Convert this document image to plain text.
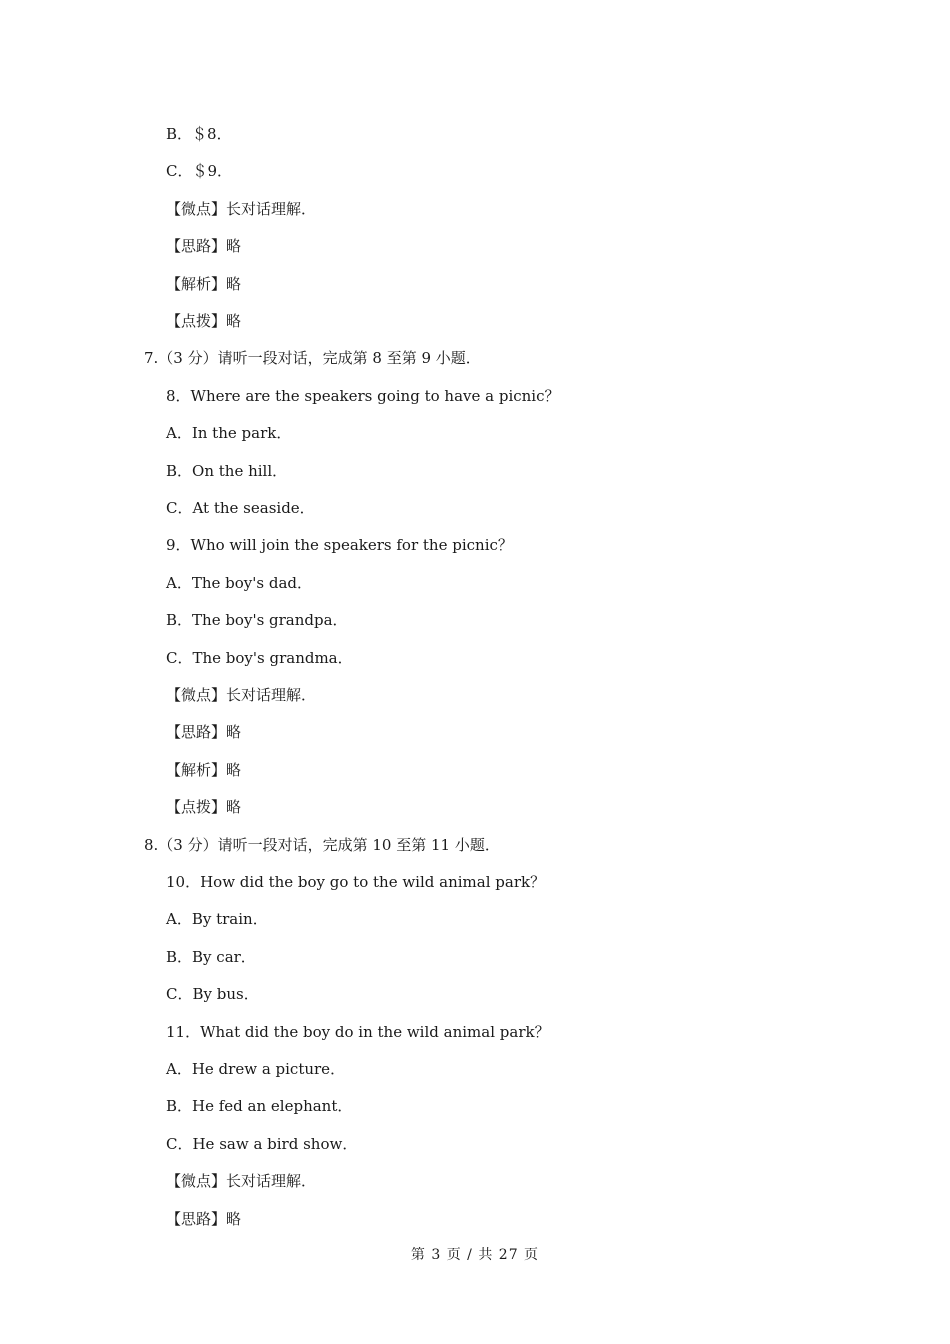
B．＄8．
C．＄9．
【微点】长对话理解．
【思路】略
【解析】略
【点拨】略
7.（3 分）请听一段对话，完成第 8 至第 9 小题．
8．Where are the speakers going to have a picnic？
A．In the park．
B．On the hill．
C．At the seaside．
9．Who will join the speakers for the picnic？
A．The boy's dad．
B．The boy's grandpa．
C．The boy's grandma．
【微点】长对话理解．
【思路】略
【解析】略
【点拨】略
8.（3 分）请听一段对话，完成第 10 至第 11 小题．
10．How did the boy go to the wild animal park？
A．By train．
B．By car．
C．By bus．
11．What did the boy do in the wild animal park？
A．He drew a picture．
B．He fed an elephant．
C．He saw a bird show．
【微点】长对话理解．
【思路】略
第 3 页 / 共 27 页
